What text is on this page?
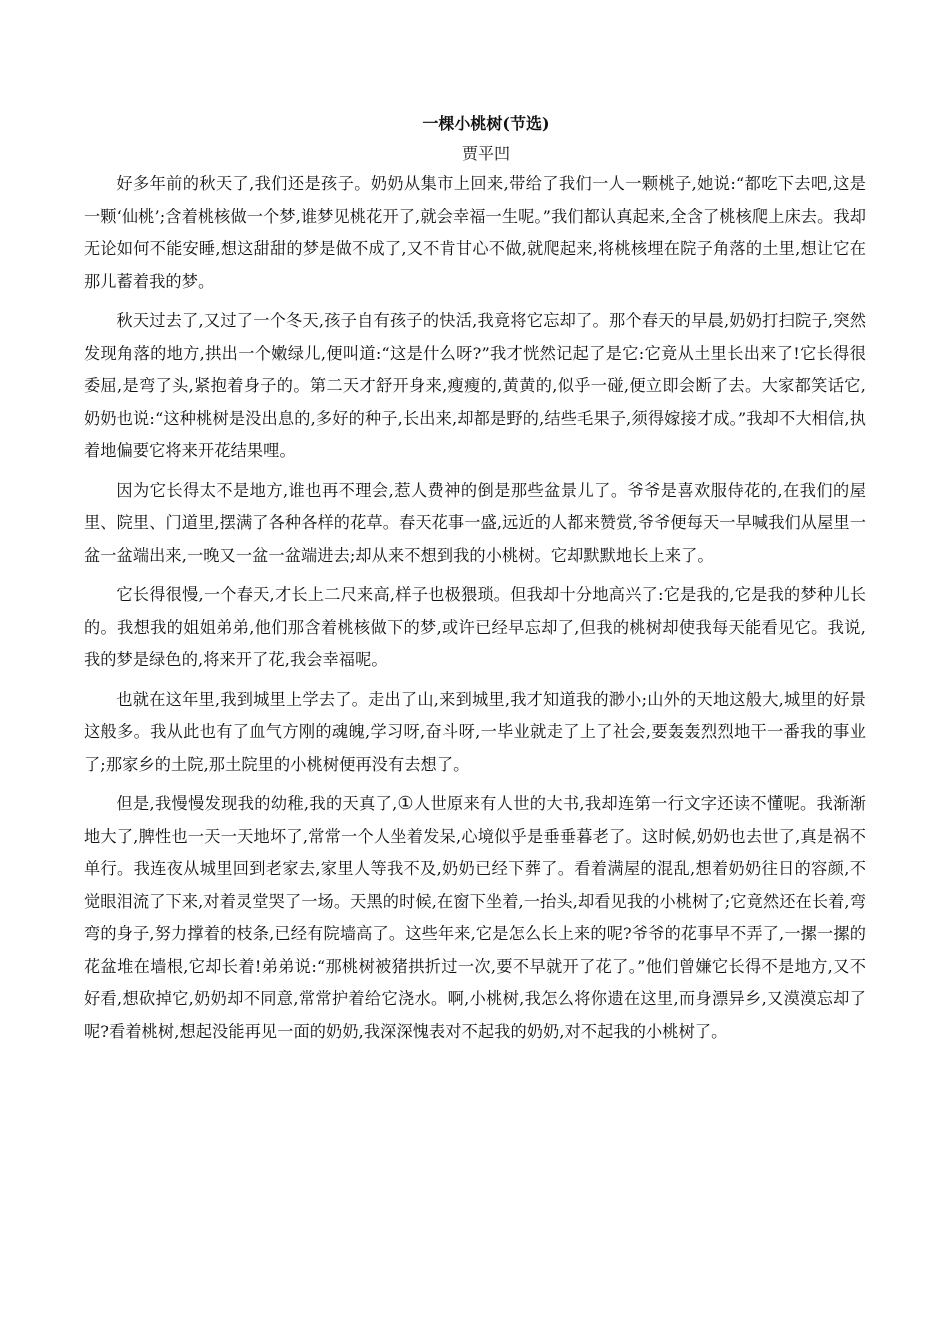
一棵小桃树(节选)
贾平凹

好多年前的秋天了,我们还是孩子。奶奶从集市上回来,带给了我们一人一颗桃子,她说:“都吃下去吧,这是一颗‘仙桃’;含着桃核做一个梦,谁梦见桃花开了,就会幸福一生呢。”我们都认真起来,全含了桃核爬上床去。我却无论如何不能安睡,想这甜甜的梦是做不成了,又不肯甘心不做,就爬起来,将桃核埋在院子角落的土里,想让它在那儿蓄着我的梦。

秋天过去了,又过了一个冬天,孩子自有孩子的快活,我竟将它忘却了。那个春天的早晨,奶奶打扫院子,突然发现角落的地方,拱出一个嫩绿儿,便叫道:“这是什么呀?”我才恍然记起了是它:它竟从土里长出来了!它长得很委屈,是弯了头,紧抱着身子的。第二天才舒开身来,瘦瘦的,黄黄的,似乎一碰,便立即会断了去。大家都笑话它,奶奶也说:“这种桃树是没出息的,多好的种子,长出来,却都是野的,结些毛果子,须得嫁接才成。”我却不大相信,执着地偏要它将来开花结果哩。

因为它长得太不是地方,谁也再不理会,惹人费神的倒是那些盆景儿了。爷爷是喜欢服侍花的,在我们的屋里、院里、门道里,摆满了各种各样的花草。春天花事一盛,远近的人都来赞赏,爷爷便每天一早喊我们从屋里一盆一盆端出来,一晚又一盆一盆端进去;却从来不想到我的小桃树。它却默默地长上来了。

它长得很慢,一个春天,才长上二尺来高,样子也极猥琐。但我却十分地高兴了:它是我的,它是我的梦种儿长的。我想我的姐姐弟弟,他们那含着桃核做下的梦,或许已经早忘却了,但我的桃树却使我每天能看见它。我说,我的梦是绿色的,将来开了花,我会幸福呢。

也就在这年里,我到城里上学去了。走出了山,来到城里,我才知道我的渺小;山外的天地这般大,城里的好景这般多。我从此也有了血气方刚的魂魄,学习呀,奋斗呀,一毕业就走了上了社会,要轰轰烈烈地干一番我的事业了;那家乡的土院,那土院里的小桃树便再没有去想了。

但是,我慢慢发现我的幼稚,我的天真了,①人世原来有人世的大书,我却连第一行文字还读不懂呢。我渐渐地大了,脾性也一天一天地坏了,常常一个人坐着发呆,心境似乎是垂垂暮老了。这时候,奶奶也去世了,真是祸不单行。我连夜从城里回到老家去,家里人等我不及,奶奶已经下葬了。看着满屋的混乱,想着奶奶往日的容颜,不觉眼泪流了下来,对着灵堂哭了一场。天黑的时候,在窗下坐着,一抬头,却看见我的小桃树了;它竟然还在长着,弯弯的身子,努力撑着的枝条,已经有院墙高了。这些年来,它是怎么长上来的呢?爷爷的花事早不弄了,一摞一摞的花盆堆在墙根,它却长着!弟弟说:“那桃树被猪拱折过一次,要不早就开了花了。”他们曾嫌它长得不是地方,又不好看,想砍掉它,奶奶却不同意,常常护着给它浇水。啊,小桃树,我怎么将你遗在这里,而身漂异乡,又漠漠忘却了呢?看着桃树,想起没能再见一面的奶奶,我深深愧表对不起我的奶奶,对不起我的小桃树了。
